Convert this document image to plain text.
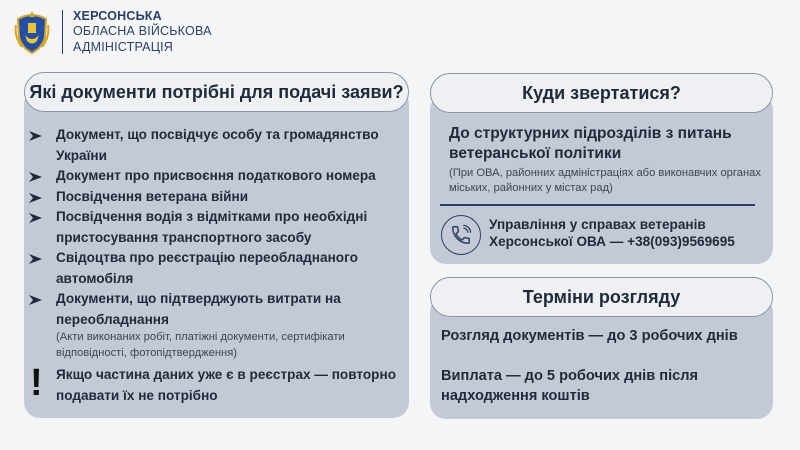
ХЕРСОНСЬКА
ОБЛАСНА ВІЙСЬКОВА
АДМІНІСТРАЦІЯ
Які документи потрібні для подачі заяви?
Документ, що посвідчує особу та громадянство України
Документ про присвоєння податкового номера
Посвідчення ветерана війни
Посвідчення водія з відмітками про необхідні пристосування транспортного засобу
Свідоцтва про реєстрацію переобладнаного автомобіля
Документи, що підтверджують витрати на переобладнання
(Акти виконаних робіт, платіжні документи, сертифікати відповідності, фотопідтвердження)
! Якщо частина даних уже є в реєстрах — повторно подавати їх не потрібно
Куди звертатися?
До структурних підрозділів з питань ветеранської політики
(При ОВА, районних адміністраціях або виконавчих органах міських, районних у містах рад)
Управління у справах ветеранів
Херсонської ОВА — +38(093)9569695
Терміни розгляду
Розгляд документів — до 3 робочих днів
Виплата — до 5 робочих днів після надходження коштів
